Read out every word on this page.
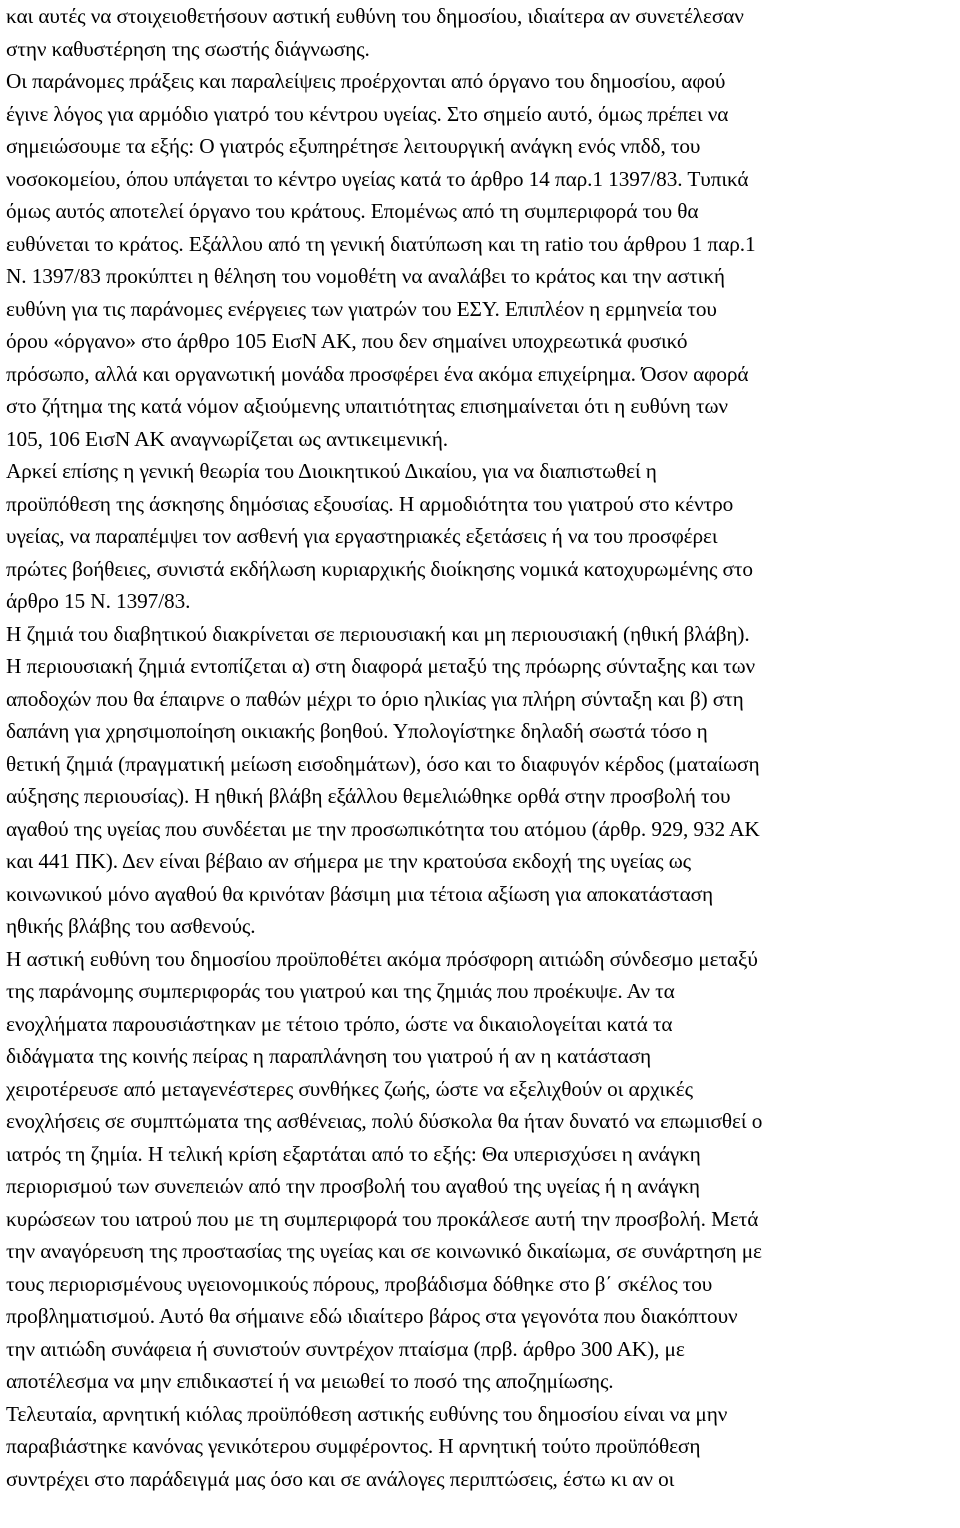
και αυτές να στοιχειοθετήσουν αστική ευθύνη του δημοσίου, ιδιαίτερα αν συνετέλεσαν
στην καθυστέρηση της σωστής διάγνωσης.
Οι παράνομες πράξεις και παραλείψεις προέρχονται από όργανο του δημοσίου, αφού
έγινε λόγος για αρμόδιο γιατρό του κέντρου υγείας. Στο σημείο αυτό, όμως πρέπει να
σημειώσουμε τα εξής: Ο γιατρός εξυπηρέτησε λειτουργική ανάγκη ενός νπδδ, του
νοσοκομείου, όπου υπάγεται το κέντρο υγείας κατά το άρθρο 14 παρ.1 1397/83. Τυπικά
όμως αυτός αποτελεί όργανο του κράτους. Επομένως από τη συμπεριφορά του θα
ευθύνεται το κράτος. Εξάλλου από τη γενική διατύπωση και τη ratio του άρθρου 1 παρ.1
Ν. 1397/83 προκύπτει η θέληση του νομοθέτη να αναλάβει το κράτος και την αστική
ευθύνη για τις παράνομες ενέργειες των γιατρών του ΕΣΥ. Επιπλέον η ερμηνεία του
όρου «όργανο» στο άρθρο 105 ΕισΝ ΑΚ, που δεν σημαίνει υποχρεωτικά φυσικό
πρόσωπο, αλλά και οργανωτική μονάδα προσφέρει ένα ακόμα επιχείρημα. Όσον αφορά
στο ζήτημα της κατά νόμον αξιούμενης υπαιτιότητας επισημαίνεται ότι η ευθύνη των
105, 106 ΕισΝ ΑΚ αναγνωρίζεται ως αντικειμενική.
Αρκεί επίσης η γενική θεωρία του Διοικητικού Δικαίου, για να διαπιστωθεί η
προϋπόθεση της άσκησης δημόσιας εξουσίας. Η αρμοδιότητα του γιατρού στο κέντρο
υγείας, να παραπέμψει τον ασθενή για εργαστηριακές εξετάσεις ή να του προσφέρει
πρώτες βοήθειες, συνιστά εκδήλωση κυριαρχικής διοίκησης νομικά κατοχυρωμένης στο
άρθρο 15 Ν. 1397/83.
Η ζημιά του διαβητικού διακρίνεται σε περιουσιακή και μη περιουσιακή (ηθική βλάβη).
Η περιουσιακή ζημιά εντοπίζεται α) στη διαφορά μεταξύ της πρόωρης σύνταξης και των
αποδοχών που θα έπαιρνε ο παθών μέχρι το όριο ηλικίας για πλήρη σύνταξη και β) στη
δαπάνη για χρησιμοποίηση οικιακής βοηθού. Υπολογίστηκε δηλαδή σωστά τόσο η
θετική ζημιά (πραγματική μείωση εισοδημάτων), όσο και το διαφυγόν κέρδος (ματαίωση
αύξησης περιουσίας). Η ηθική βλάβη εξάλλου θεμελιώθηκε ορθά στην προσβολή του
αγαθού της υγείας που συνδέεται με την προσωπικότητα του ατόμου (άρθρ. 929, 932 ΑΚ
και 441 ΠΚ). Δεν είναι βέβαιο αν σήμερα με την κρατούσα εκδοχή της υγείας ως
κοινωνικού μόνο αγαθού θα κρινόταν βάσιμη μια τέτοια αξίωση για αποκατάσταση
ηθικής βλάβης του ασθενούς.
Η αστική ευθύνη του δημοσίου προϋποθέτει ακόμα πρόσφορη αιτιώδη σύνδεσμο μεταξύ
της παράνομης συμπεριφοράς του γιατρού και της ζημιάς που προέκυψε. Αν τα
ενοχλήματα παρουσιάστηκαν με τέτοιο τρόπο, ώστε να δικαιολογείται κατά τα
διδάγματα της κοινής πείρας η παραπλάνηση του γιατρού ή αν η κατάσταση
χειροτέρευσε από μεταγενέστερες συνθήκες ζωής, ώστε να εξελιχθούν οι αρχικές
ενοχλήσεις σε συμπτώματα της ασθένειας, πολύ δύσκολα θα ήταν δυνατό να επωμισθεί ο
ιατρός τη ζημία. Η τελική κρίση εξαρτάται από το εξής: Θα υπερισχύσει η ανάγκη
περιορισμού των συνεπειών από την προσβολή του αγαθού της υγείας ή η ανάγκη
κυρώσεων του ιατρού που με τη συμπεριφορά του προκάλεσε αυτή την προσβολή. Μετά
την αναγόρευση της προστασίας της υγείας και σε κοινωνικό δικαίωμα, σε συνάρτηση με
τους περιορισμένους υγειονομικούς πόρους, προβάδισμα δόθηκε στο β΄ σκέλος του
προβληματισμού. Αυτό θα σήμαινε εδώ ιδιαίτερο βάρος στα γεγονότα που διακόπτουν
την αιτιώδη συνάφεια ή συνιστούν συντρέχον πταίσμα (πρβ. άρθρο 300 ΑΚ), με
αποτέλεσμα να μην επιδικαστεί ή να μειωθεί το ποσό της αποζημίωσης.
Τελευταία, αρνητική κιόλας προϋπόθεση αστικής ευθύνης του δημοσίου είναι να μην
παραβιάστηκε κανόνας γενικότερου συμφέροντος. Η αρνητική τούτο προϋπόθεση
συντρέχει στο παράδειγμά μας όσο και σε ανάλογες περιπτώσεις, έστω κι αν οι
